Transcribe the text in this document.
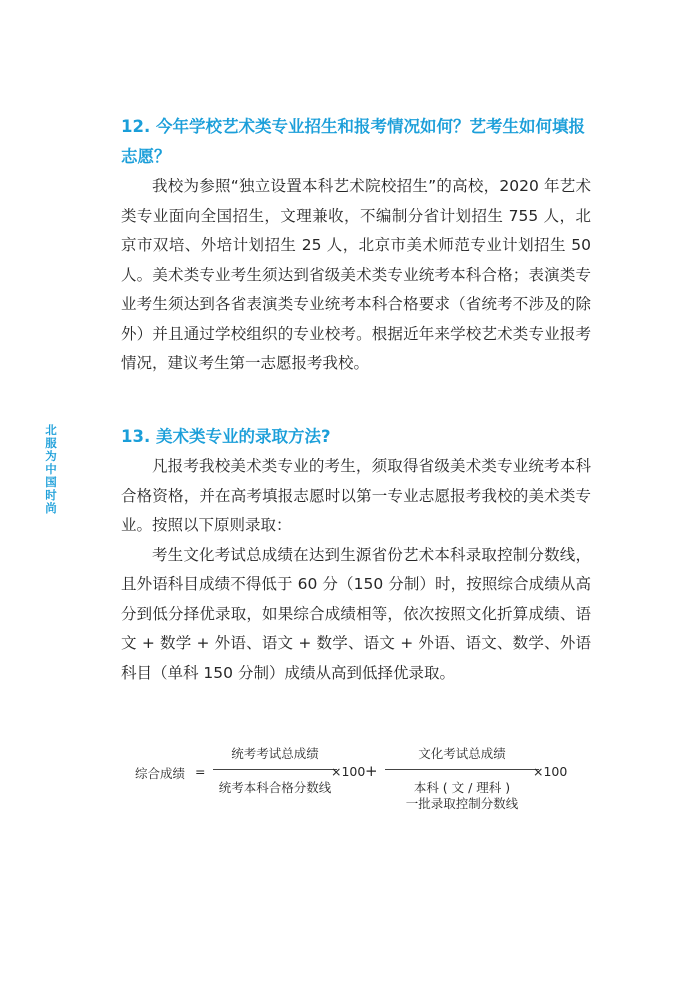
北服为中国时尚
12. 今年学校艺术类专业招生和报考情况如何？艺考生如何填报志愿？

我校为参照“独立设置本科艺术院校招生”的高校，2020 年艺术类专业面向全国招生，文理兼收，不编制分省计划招生 755 人，北京市双培、外培计划招生 25 人，北京市美术师范专业计划招生 50 人。美术类专业考生须达到省级美术类专业统考本科合格；表演类专业考生须达到各省表演类专业统考本科合格要求（省统考不涉及的除外）并且通过学校组织的专业校考。根据近年来学校艺术类专业报考情况，建议考生第一志愿报考我校。

13. 美术类专业的录取方法?

凡报考我校美术类专业的考生，须取得省级美术类专业统考本科合格资格，并在高考填报志愿时以第一专业志愿报考我校的美术类专业。按照以下原则录取：

考生文化考试总成绩在达到生源省份艺术本科录取控制分数线，且外语科目成绩不得低于 60 分（150 分制）时，按照综合成绩从高分到低分择优录取，如果综合成绩相等，依次按照文化折算成绩、语文 + 数学 + 外语、语文 + 数学、语文 + 外语、语文、数学、外语科目（单科 150 分制）成绩从高到低择优录取。

综合成绩 =
统考考试总成绩
统考本科合格分数线
×100 +
文化考试总成绩
本科 ( 文 / 理科 )
一批录取控制分数线
×100
